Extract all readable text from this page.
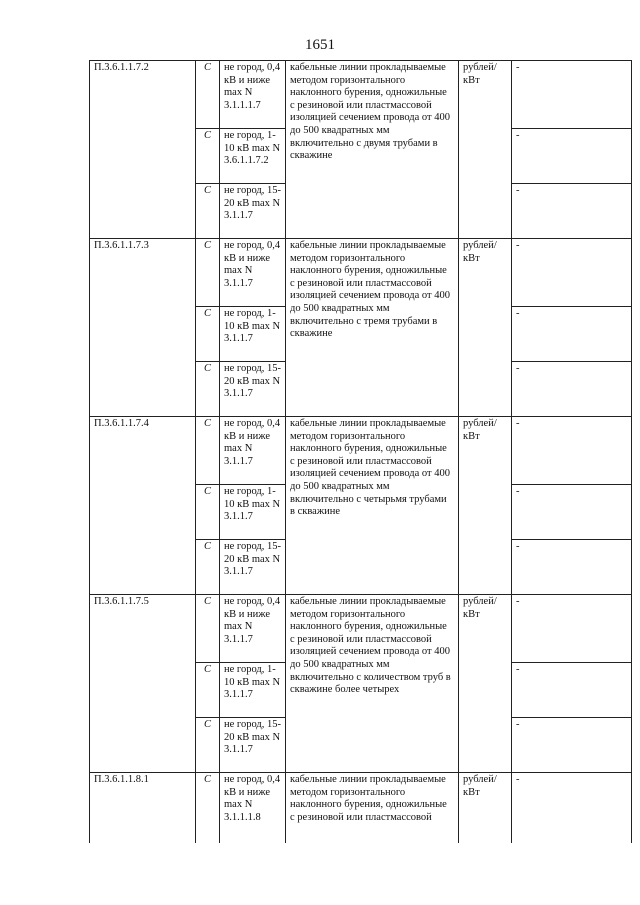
1651
П.3.6.1.1.7.2	С	не город, 0,4 кВ и ниже max N 3.1.1.1.7	кабельные линии прокладываемые методом горизонтального наклонного бурения, одножильные с резиновой или пластмассовой изоляцией сечением провода от 400 до 500 квадратных мм включительно с двумя трубами в скважине	рублей/ кВт	-
	С	не город, 1-10 кВ max N 3.6.1.1.7.2			-
	С	не город, 15-20 кВ max N 3.1.1.7			-
П.3.6.1.1.7.3	С	не город, 0,4 кВ и ниже max N 3.1.1.7	кабельные линии прокладываемые методом горизонтального наклонного бурения, одножильные с резиновой или пластмассовой изоляцией сечением провода от 400 до 500 квадратных мм включительно с тремя трубами в скважине	рублей/ кВт	-
	С	не город, 1-10 кВ max N 3.1.1.7			-
	С	не город, 15-20 кВ max N 3.1.1.7			-
П.3.6.1.1.7.4	С	не город, 0,4 кВ и ниже max N 3.1.1.7	кабельные линии прокладываемые методом горизонтального наклонного бурения, одножильные с резиновой или пластмассовой изоляцией сечением провода от 400 до 500 квадратных мм включительно с четырьмя трубами в скважине	рублей/ кВт	-
	С	не город, 1-10 кВ max N 3.1.1.7			-
	С	не город, 15-20 кВ max N 3.1.1.7			-
П.3.6.1.1.7.5	С	не город, 0,4 кВ и ниже max N 3.1.1.7	кабельные линии прокладываемые методом горизонтального наклонного бурения, одножильные с резиновой или пластмассовой изоляцией сечением провода от 400 до 500 квадратных мм включительно с количеством труб в скважине более четырех	рублей/ кВт	-
	С	не город, 1-10 кВ max N 3.1.1.7			-
	С	не город, 15-20 кВ max N 3.1.1.7			-
П.3.6.1.1.8.1	С	не город, 0,4 кВ и ниже max N 3.1.1.1.8	кабельные линии прокладываемые методом горизонтального наклонного бурения, одножильные с резиновой или пластмассовой	рублей/ кВт	-
